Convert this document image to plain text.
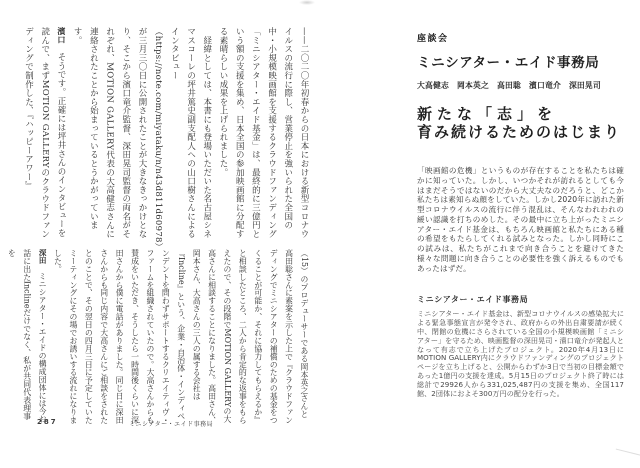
——二〇二〇年初春からの日本における新型コロナウイルスの流行に際し、営業停止を強いられた全国の中・小規模映画館を支援するクラウドファンディング「ミニシアター・エイド基金」は、最終的に三億円という額の支援を集め、日本全国の参加映画館に分配する素晴らしい成果を上げられました。

　経緯としては、本書にも登場いただいた名古屋シネマスコーレの坪井篤史副支配人への山口樹さんによるインタビュー（https://note.com/miyataku/n/n43d811d60978）が三月三〇日に公開されたことが大きなきっかけとなり、そこから濱口竜介監督、深田晃司監督の両名がそれぞれ、MOTION GALLERY代表の大高健志さんに連絡されたことから始まっているとうかがっています。

濱口　そうです。正確には坪井さんのインタビューを読んで、まずMOTION GALLERYのクラウドファンディングで制作した、『ハッピーアワー』

（15）のプロデューサーである岡本英之さんと高田聡さんに素案を示した上で『クラウドファンディングでミニシアターの補償のための基金をつくることが可能か、それに協力してもらえるか』と相談したところ、二人から肯定的な返事をもらえたので、その段階でMOTION GALLERYの大高さんに相談することになりました。高田さん、岡本さん、大高さんの三人の属する会社は『Incline』という、企業・自治体・インディペンデントを問わずサポートするクリエイティヴ・ファームを組織されていたので。大高さんからも賛成をいただき、そうしたら一時間後くらいに深田さんから僕に電話がありました。同じ日に深田さんからも同じ内容で大高さんにご相談をされたとのことで、その翌日の四月三日に予定していたミーティングにその場でお誘いする流れになりました。

深田　ミニシアター・エイドの構成団体には今お話に出たInclineだけでなく、私が共同代表理事を

287	ミニシアター・エイド事務局
座談会
ミニシアター・エイド事務局
大高健志　岡本英之　高田聡　濱口竜介　深田晃司
新たな「志」を
育み続けるためのはじまり
「映画館の危機」というものが存在することを私たちは確かに知っていた。しかし、いつかそれが訪れるとしても今はまだそうではないのだから大丈夫なのだろうと、どこか私たちは素知らぬ顔をしていた。しかし2020年に訪れた新型コロナウイルスの流行に伴う混乱は、そんなわれわれの緩い認識を打ちのめした。その最中に立ち上がったミニシアター・エイド基金は、もちろん映画館と私たちにある種の希望をもたらしてくれる試みとなった。しかし同時にこの試みは、私たちがこれまで向き合うことを避けてきた様々な問題に向き合うことの必要性を強く訴えるものでもあったはずだ。
ミニシアター・エイド事務局
ミニシアター・エイド基金は、新型コロナウイルスの感染拡大による緊急事態宣言が発令され、政府からの外出自粛要請が続く中、閉館の危機にさらされている全国の小規模映画館「ミニシアター」を守るため、映画監督の深田晃司・濱口竜介が発起人となって有志で立ち上げたプロジェクト。2020年4月13日にMOTION GALLERY内にクラウドファンディングのプロジェクトページを立ち上げると、公開からわずか3日で当初の目標金額であった1億円の支援を達成。5月15日のプロジェクト終了時には総計で29926人から331,025,487円の支援を集め、全国117館、2団体におよそ300万円の配分を行った。
